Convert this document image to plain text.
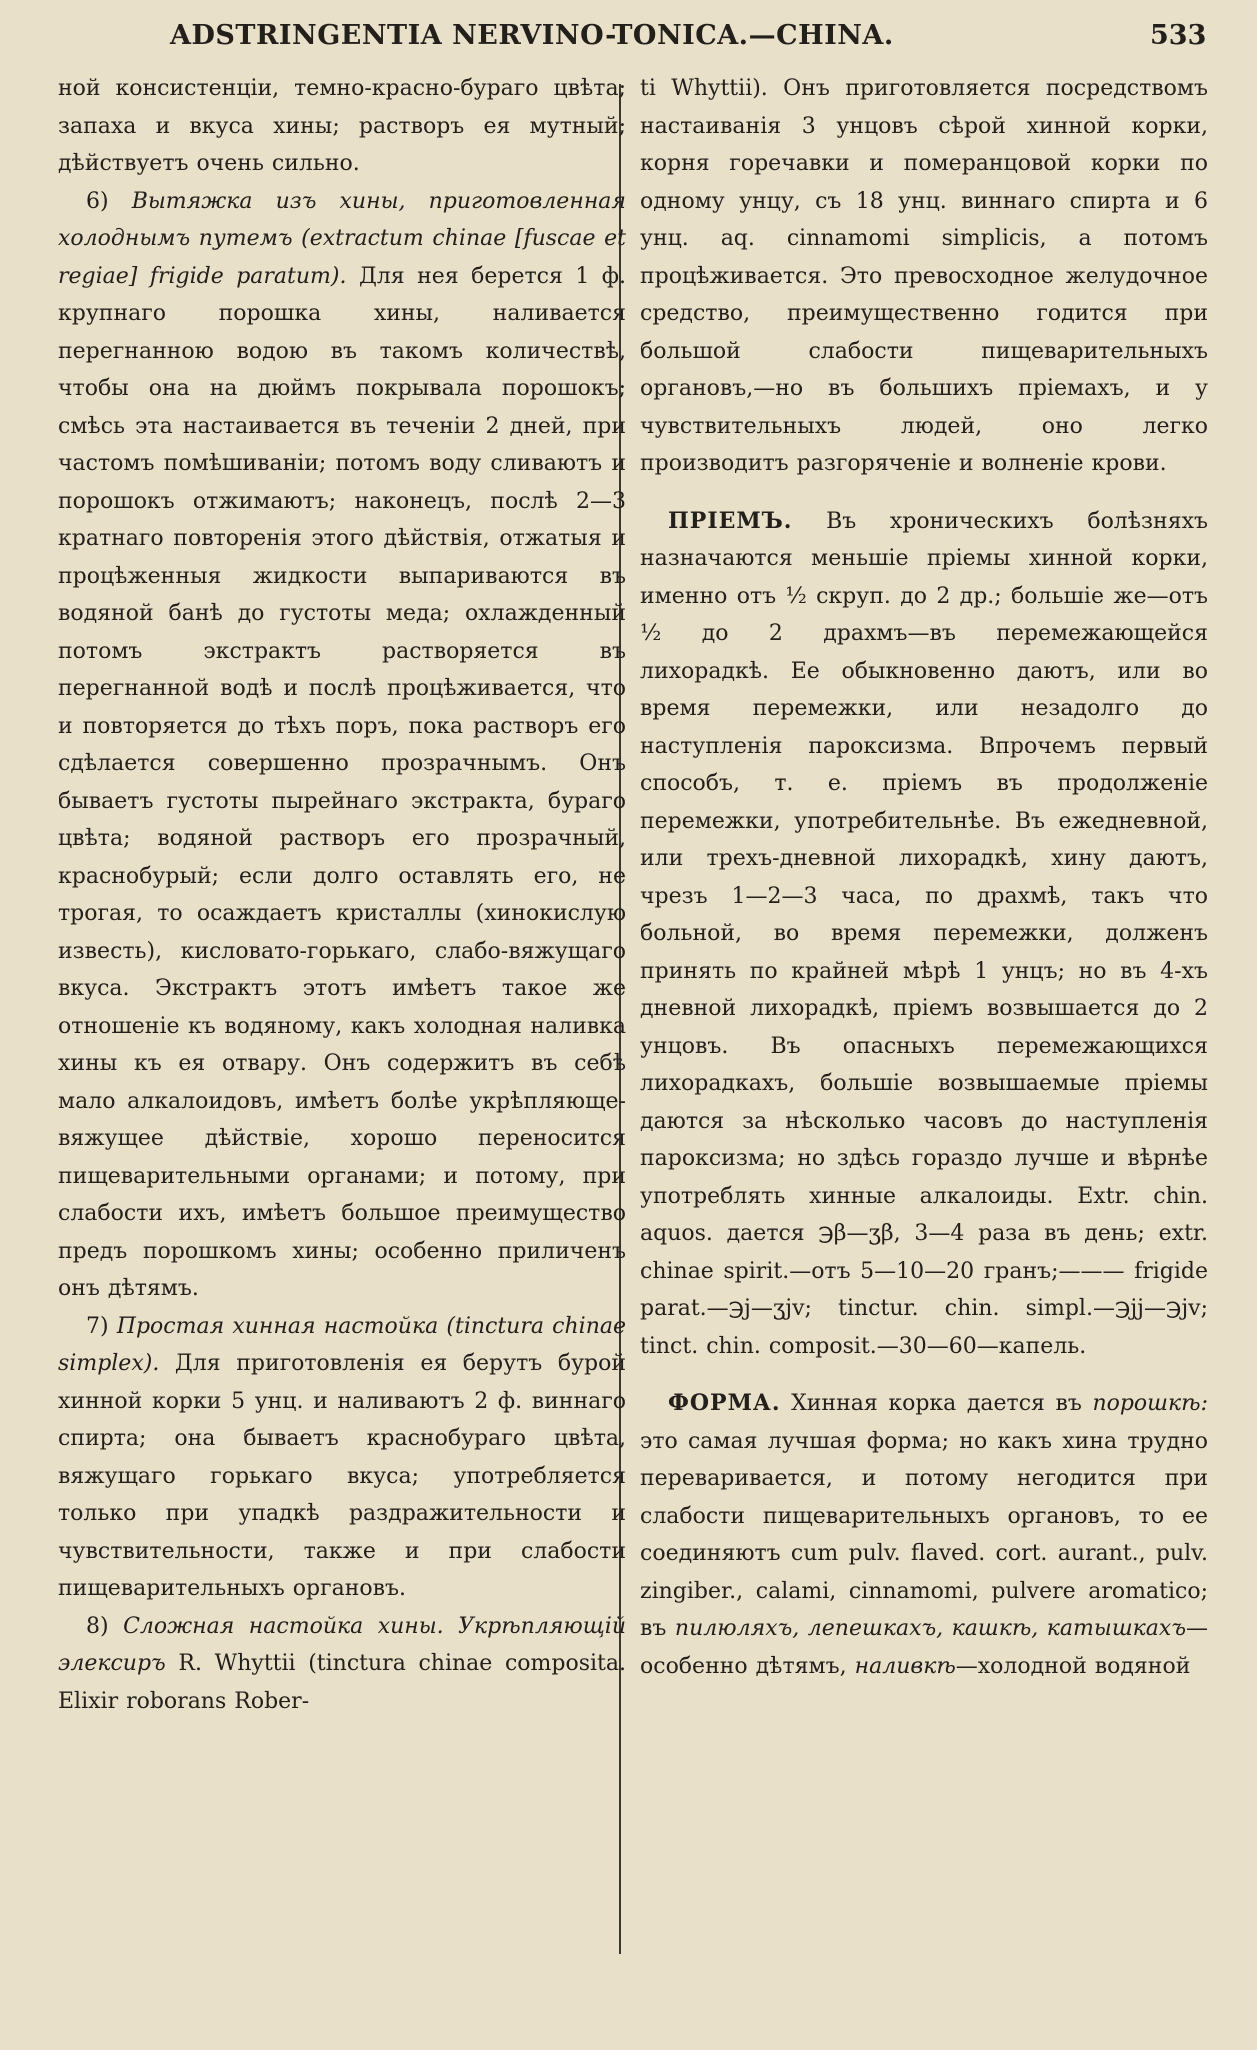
ADSTRINGENTIA NERVINO-TONICA.—CHINA.	533

ной консистенціи, темно-красно-бураго цвѣта; запаха и вкуса хины; растворъ ея мутный; дѣйствуетъ очень сильно.

6) Вытяжка изъ хины, приготовленная холоднымъ путемъ (extractum chinae [fuscae et regiae] frigide paratum). Для нея берется 1 ф. крупнаго порошка хины, наливается перегнанною водою въ такомъ количествѣ, чтобы она на дюймъ покрывала порошокъ; смѣсь эта настаивается въ теченіи 2 дней, при частомъ помѣшиваніи; потомъ воду сливаютъ и порошокъ отжимаютъ; наконецъ, послѣ 2—3 кратнаго повторенія этого дѣйствія, отжатыя и процѣженныя жидкости выпариваются въ водяной банѣ до густоты меда; охлажденный потомъ экстрактъ растворяется въ перегнанной водѣ и послѣ процѣживается, что и повторяется до тѣхъ поръ, пока растворъ его сдѣлается совершенно прозрачнымъ. Онъ бываетъ густоты пырейнаго экстракта, бураго цвѣта; водяной растворъ его прозрачный, краснобурый; если долго оставлять его, не трогая, то осаждаетъ кристаллы (хинокислую известь), кисловато-горькаго, слабо-вяжущаго вкуса. Экстрактъ этотъ имѣетъ такое же отношеніе къ водяному, какъ холодная наливка хины къ ея отвару. Онъ содержитъ въ себѣ мало алкалоидовъ, имѣетъ болѣе укрѣпляюще-вяжущее дѣйствіе, хорошо переносится пищеварительными органами; и потому, при слабости ихъ, имѣетъ большое преимущество предъ порошкомъ хины; особенно приличенъ онъ дѣтямъ.

7) Простая хинная настойка (tinctura chinae simplex). Для приготовленія ея берутъ бурой хинной корки 5 унц. и наливаютъ 2 ф. виннаго спирта; она бываетъ краснобураго цвѣта, вяжущаго горькаго вкуса; употребляется только при упадкѣ раздражительности и чувствительности, также и при слабости пищеварительныхъ органовъ.

8) Сложная настойка хины. Укрѣпляющій элексиръ R. Whyttii (tinctura chinae composita. Elixir roborans Rober-

ti Whyttii). Онъ приготовляется посредствомъ настаиванія 3 унцовъ сѣрой хинной корки, корня горечавки и померанцовой корки по одному унцу, съ 18 унц. виннаго спирта и 6 унц. aq. cinnamomi simplicis, а потомъ процѣживается. Это превосходное желудочное средство, преимущественно годится при большой слабости пищеварительныхъ органовъ,—но въ большихъ пріемахъ, и у чувствительныхъ людей, оно легко производитъ разгоряченіе и волненіе крови.

ПРІЕМЪ. Въ хроническихъ болѣзняхъ назначаются меньшіе пріемы хинной корки, именно отъ ½ скруп. до 2 др.; большіе же—отъ ½ до 2 драхмъ—въ перемежающейся лихорадкѣ. Ее обыкновенно даютъ, или во время перемежки, или незадолго до наступленія пароксизма. Впрочемъ первый способъ, т. е. пріемъ въ продолженіе перемежки, употребительнѣе. Въ ежедневной, или трехъ-дневной лихорадкѣ, хину даютъ, чрезъ 1—2—3 часа, по драхмѣ, такъ что больной, во время перемежки, долженъ принять по крайней мѣрѣ 1 унцъ; но въ 4-хъ дневной лихорадкѣ, пріемъ возвышается до 2 унцовъ. Въ опасныхъ перемежающихся лихорадкахъ, большіе возвышаемые пріемы даются за нѣсколько часовъ до наступленія пароксизма; но здѣсь гораздо лучше и вѣрнѣе употреблять хинные алкалоиды. Extr. chin. aquos. дается ℈β—ʒβ, 3—4 раза въ день; extr. chinae spirit.—отъ 5—10—20 гранъ;——— frigide parat.—℈j—ʒjv; tinctur. chin. simpl.—℈jj—℈jv; tinct. chin. composit.—30—60—капель.

ФОРМА. Хинная корка дается въ порошкѣ: это самая лучшая форма; но какъ хина трудно переваривается, и потому негодится при слабости пищеварительныхъ органовъ, то ее соединяютъ cum pulv. flaved. cort. aurant., pulv. zingiber., calami, cinnamomi, pulvere aromatico; въ пилюляхъ, лепешкахъ, кашкѣ, катышкахъ—особенно дѣтямъ, наливкѣ—холодной водяной
